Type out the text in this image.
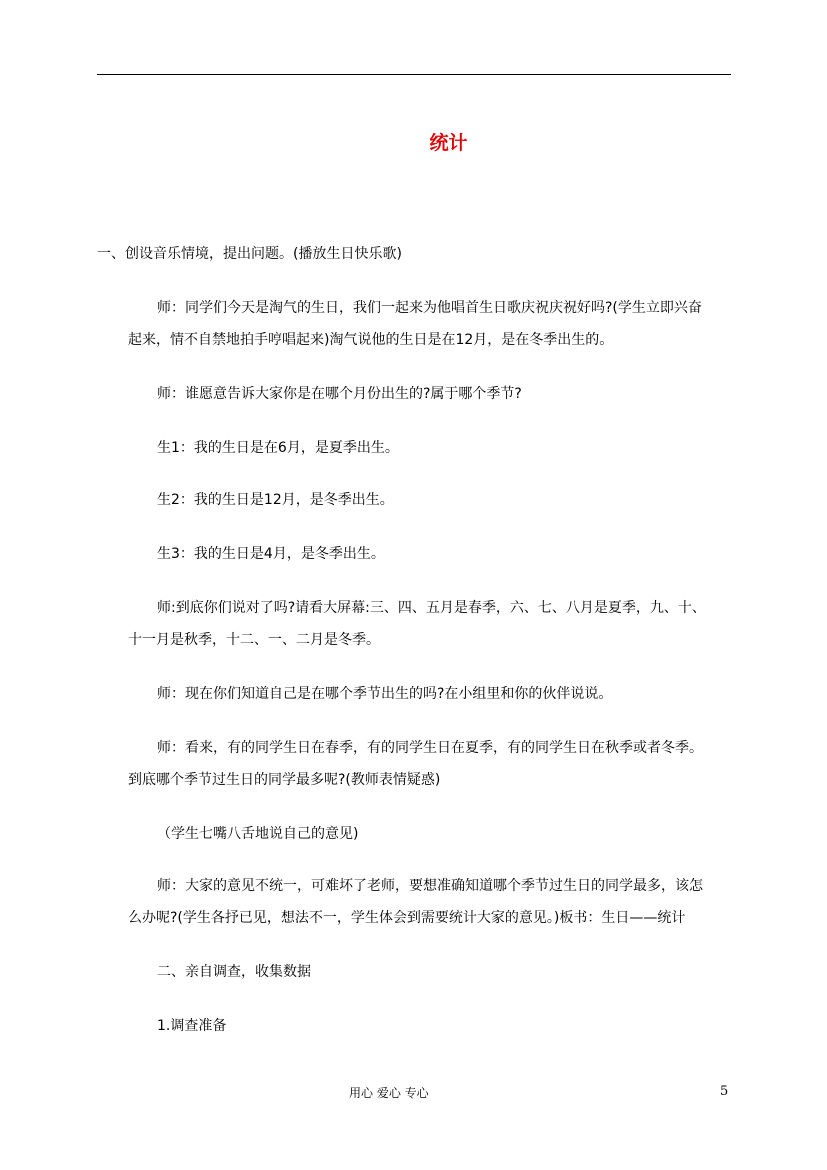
统计
一、创设音乐情境，提出问题。(播放生日快乐歌)
师：同学们今天是淘气的生日，我们一起来为他唱首生日歌庆祝庆祝好吗?(学生立即兴奋
起来，情不自禁地拍手哼唱起来)淘气说他的生日是在12月，是在冬季出生的。
师：谁愿意告诉大家你是在哪个月份出生的?属于哪个季节?
生1：我的生日是在6月，是夏季出生。
生2：我的生日是12月，是冬季出生。
生3：我的生日是4月，是冬季出生。
师:到底你们说对了吗?请看大屏幕:三、四、五月是春季，六、七、八月是夏季，九、十、
十一月是秋季，十二、一、二月是冬季。
师：现在你们知道自己是在哪个季节出生的吗?在小组里和你的伙伴说说。
师：看来，有的同学生日在春季，有的同学生日在夏季，有的同学生日在秋季或者冬季。
到底哪个季节过生日的同学最多呢?(教师表情疑惑)
（学生七嘴八舌地说自己的意见)
师：大家的意见不统一，可难坏了老师，要想准确知道哪个季节过生日的同学最多，该怎
么办呢?(学生各抒已见，想法不一，学生体会到需要统计大家的意见。)板书：生日——统计
二、亲自调查，收集数据
1.调查准备
用心 爱心 专心	5
